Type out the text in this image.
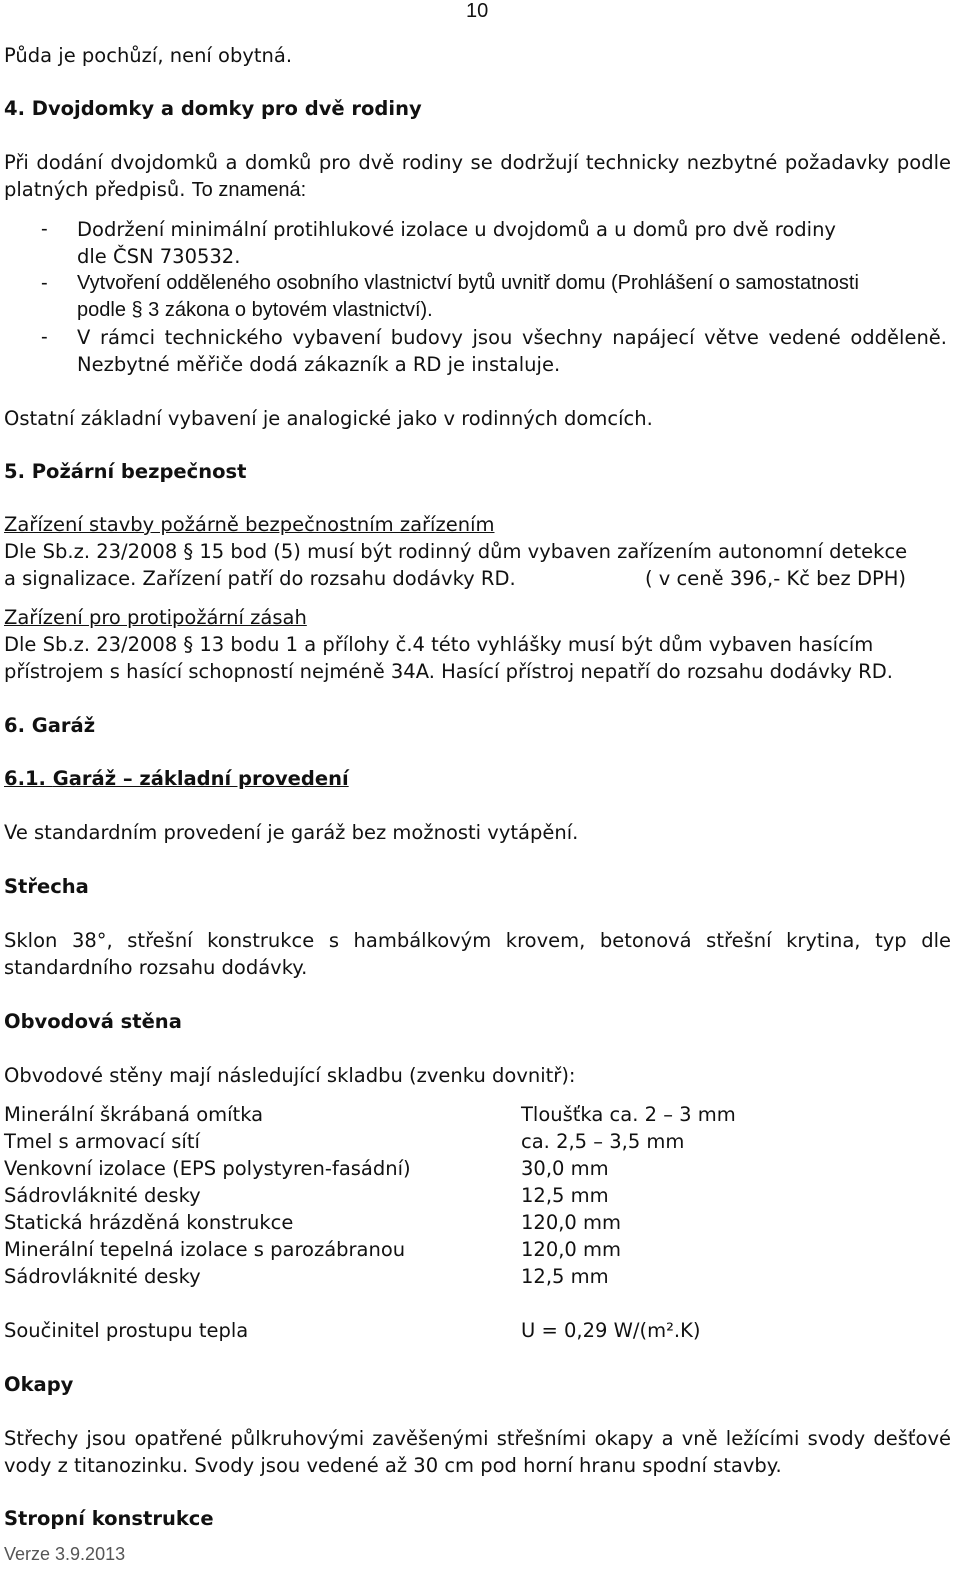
10
Půda je pochůzí, není obytná.
4. Dvojdomky a domky pro dvě rodiny
Při dodání dvojdomků a domků pro dvě rodiny se dodržují technicky nezbytné požadavky podle
platných předpisů. To znamená:
- Dodržení minimální protihlukové izolace u dvojdomů a u domů pro dvě rodiny
dle ČSN 730532.
- Vytvoření odděleného osobního vlastnictví bytů uvnitř domu (Prohlášení o samostatnosti
podle § 3 zákona o bytovém vlastnictví).
- V rámci technického vybavení budovy jsou všechny napájecí větve vedené odděleně.
Nezbytné měřiče dodá zákazník a RD je instaluje.
Ostatní základní vybavení je analogické jako v rodinných domcích.
5. Požární bezpečnost
Zařízení stavby požárně bezpečnostním zařízením
Dle Sb.z. 23/2008 § 15 bod (5) musí být rodinný dům vybaven zařízením autonomní detekce
a signalizace. Zařízení patří do rozsahu dodávky RD.	( v ceně 396,- Kč bez DPH)
Zařízení pro protipožární zásah
Dle Sb.z. 23/2008 § 13 bodu 1 a přílohy č.4 této vyhlášky musí být dům vybaven hasícím
přístrojem s hasící schopností nejméně 34A. Hasící přístroj nepatří do rozsahu dodávky RD.
6. Garáž
6.1. Garáž – základní provedení
Ve standardním provedení je garáž bez možnosti vytápění.
Střecha
Sklon 38°, střešní konstrukce s hambálkovým krovem, betonová střešní krytina, typ dle
standardního rozsahu dodávky.
Obvodová stěna
Obvodové stěny mají následující skladbu (zvenku dovnitř):
Minerální škrábaná omítka	Tloušťka ca. 2 – 3 mm
Tmel s armovací sítí	ca. 2,5 – 3,5 mm
Venkovní izolace (EPS polystyren-fasádní)	30,0 mm
Sádrovláknité desky	12,5 mm
Statická hrázděná konstrukce	120,0 mm
Minerální tepelná izolace s parozábranou	120,0 mm
Sádrovláknité desky	12,5 mm
Součinitel prostupu tepla	U = 0,29 W/(m².K)
Okapy
Střechy jsou opatřené půlkruhovými zavěšenými střešními okapy a vně ležícími svody dešťové
vody z titanozinku. Svody jsou vedené až 30 cm pod horní hranu spodní stavby.
Stropní konstrukce
Verze 3.9.2013
